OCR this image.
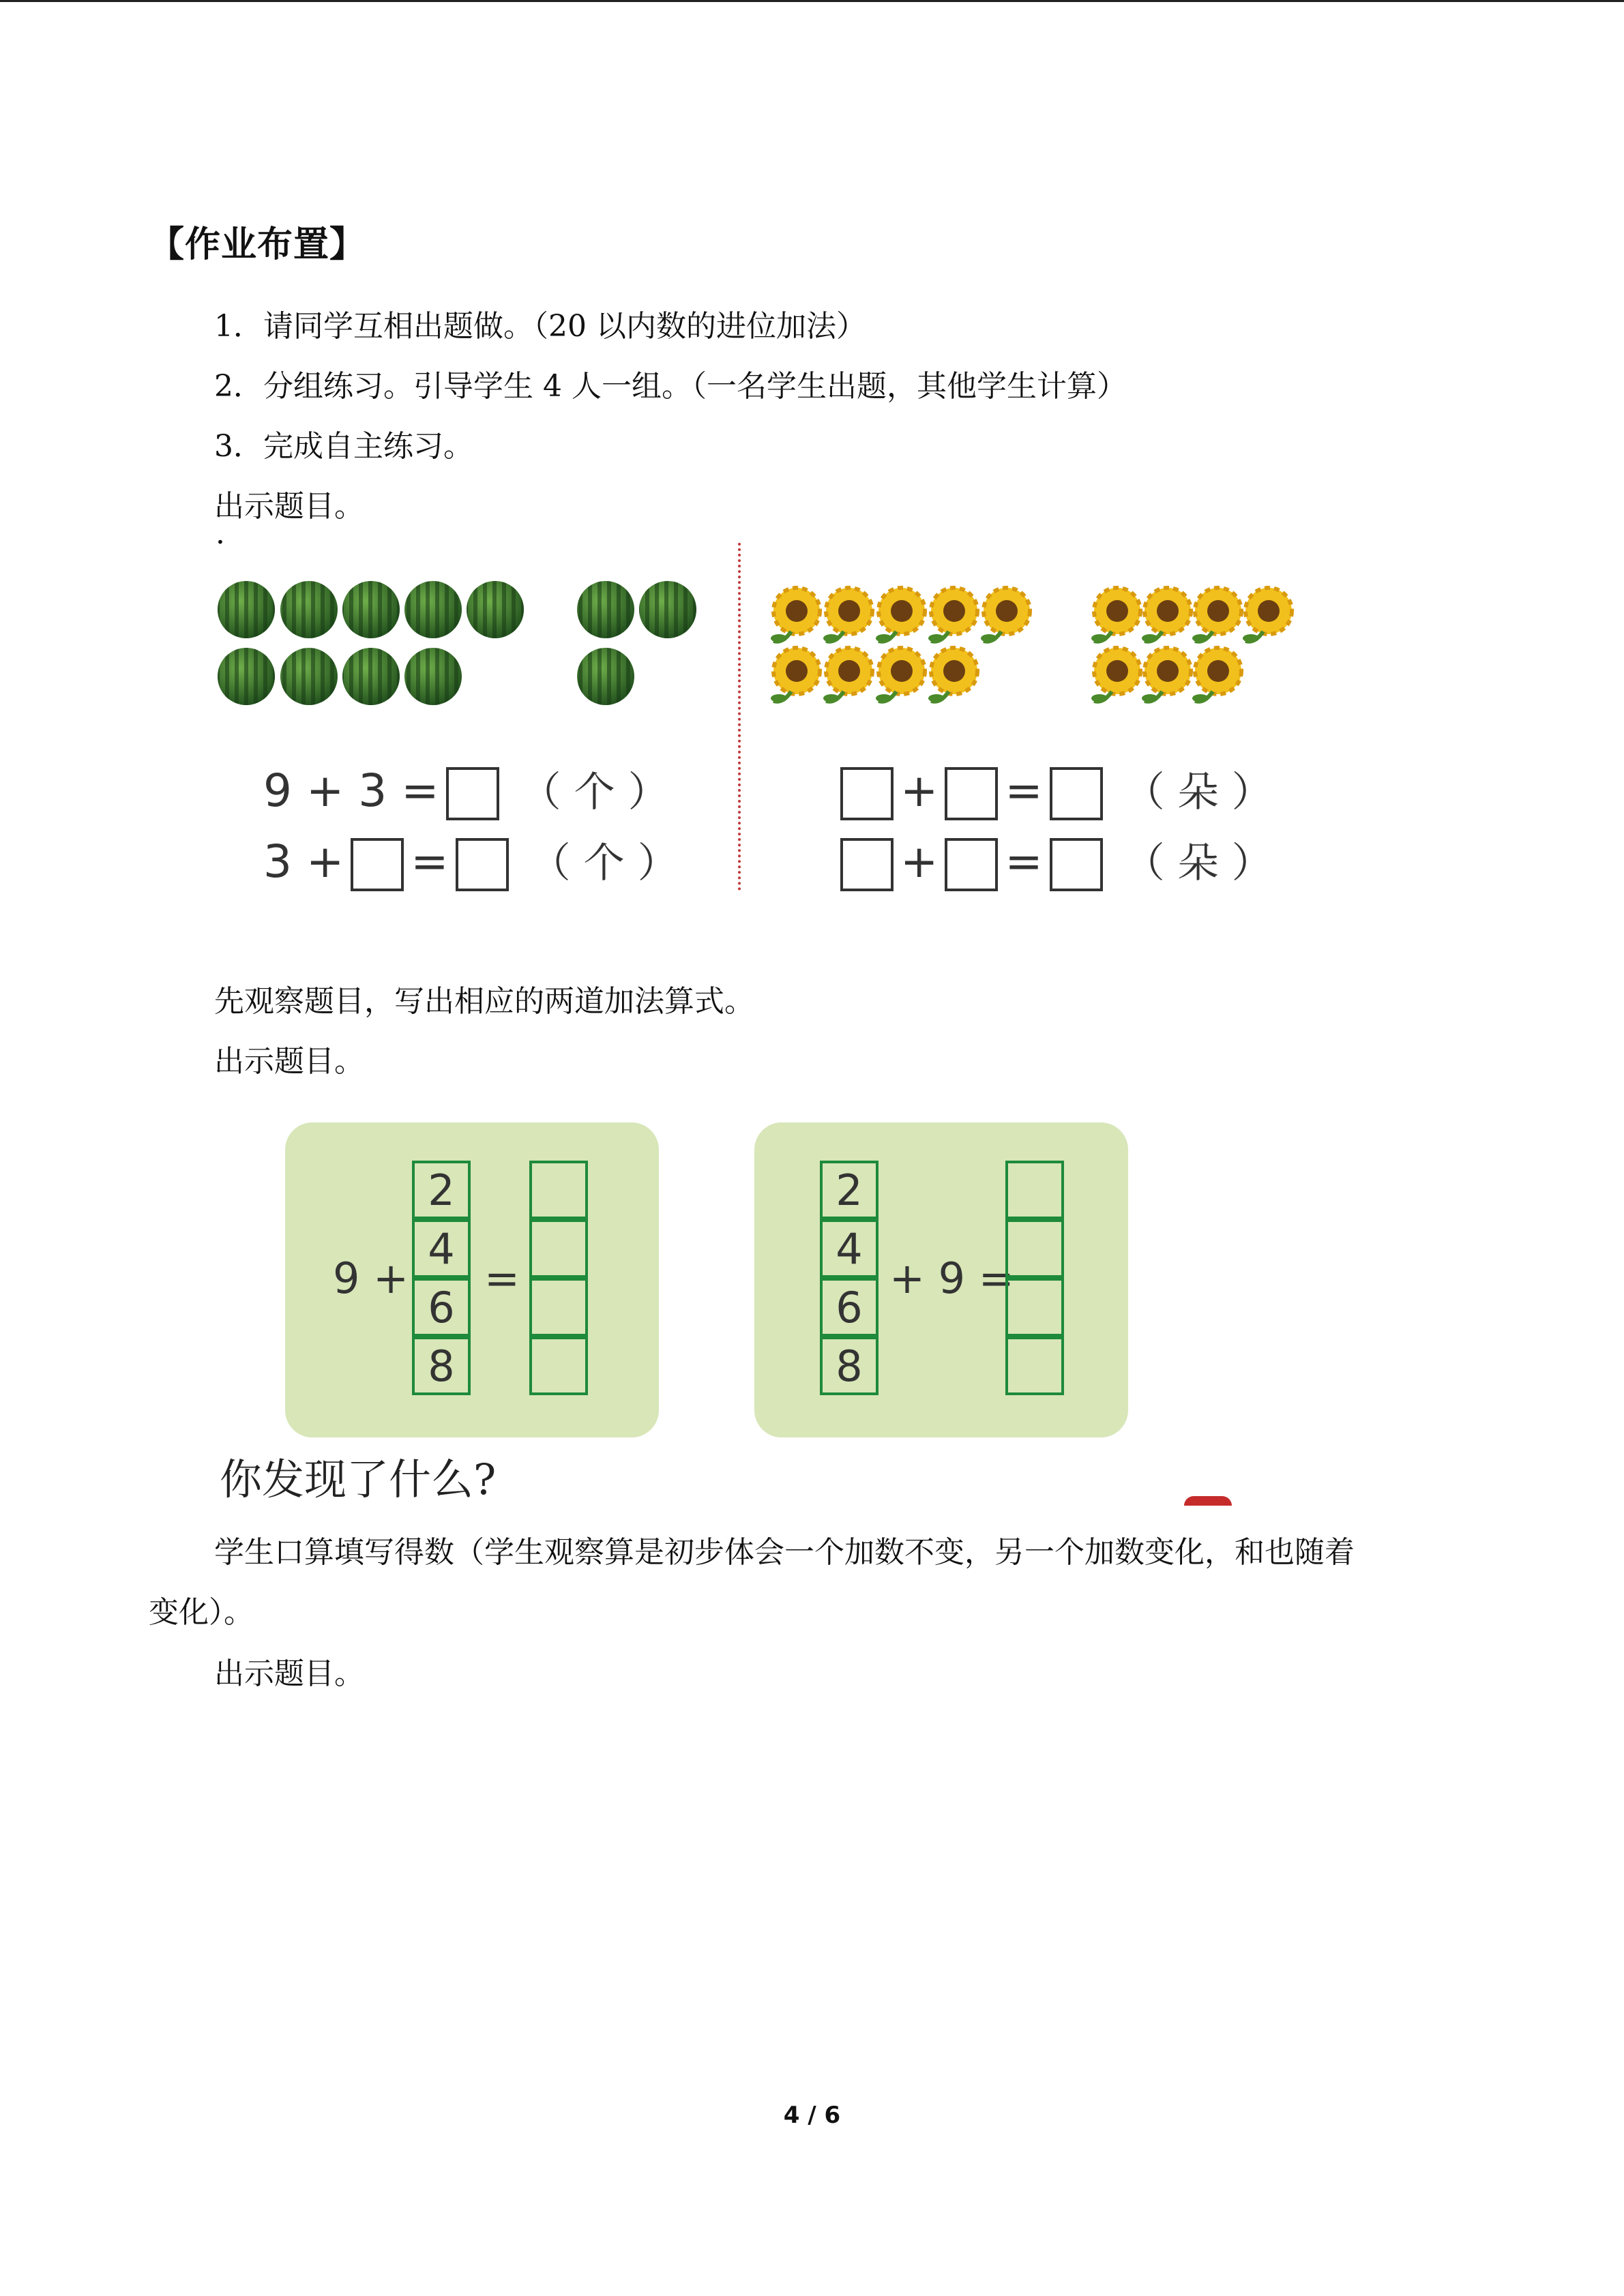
【作业布置】
1．请同学互相出题做。（20 以内数的进位加法）
2．分组练习。引导学生 4 人一组。（一名学生出题，其他学生计算）
3．完成自主练习。
出示题目。
·
9 + 3 = （ 个 ）
3 + = （ 个 ）
+ = （ 朵 ）
+ = （ 朵 ）
先观察题目，写出相应的两道加法算式。
出示题目。
9 +
2
4
6
8
=
2
4
6
8
+ 9 =
你发现了什么?
学生口算填写得数（学生观察算是初步体会一个加数不变，另一个加数变化，和也随着
变化）。
出示题目。
4 / 6
